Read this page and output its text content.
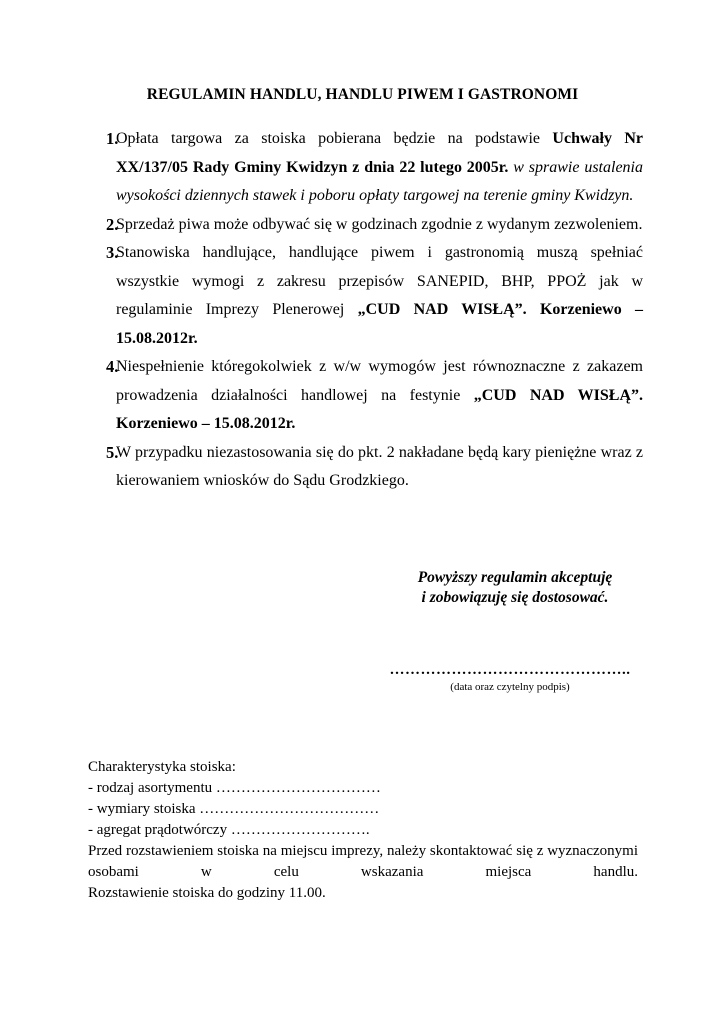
REGULAMIN HANDLU, HANDLU PIWEM I GASTRONOMI
1.
Opłata targowa za stoiska pobierana będzie na podstawie Uchwały Nr XX/137/05 Rady Gminy Kwidzyn z dnia 22 lutego 2005r. w sprawie ustalenia wysokości dziennych stawek i poboru opłaty targowej na terenie gminy Kwidzyn.
2.
Sprzedaż piwa może odbywać się w godzinach zgodnie z wydanym zezwoleniem.
3.
Stanowiska handlujące, handlujące piwem i gastronomią muszą spełniać wszystkie wymogi z zakresu przepisów SANEPID, BHP, PPOŻ jak w regulaminie Imprezy Plenerowej „CUD NAD WISŁĄ”. Korzeniewo – 15.08.2012r.
4.
Niespełnienie któregokolwiek z w/w wymogów jest równoznaczne z zakazem prowadzenia działalności handlowej na festynie „CUD NAD WISŁĄ”. Korzeniewo – 15.08.2012r.
5.
W przypadku niezastosowania się do pkt. 2 nakładane będą kary pieniężne wraz z kierowaniem wniosków do Sądu Grodzkiego.
Powyższy regulamin akceptuję
i zobowiązuję się dostosować.
………………………………………..
(data oraz czytelny podpis)
Charakterystyka stoiska:
- rodzaj asortymentu ……………………………
- wymiary stoiska ………………………………
- agregat prądotwórczy ……………………….
Przed rozstawieniem stoiska na miejscu imprezy, należy skontaktować się z wyznaczonymi osobami w celu wskazania miejsca handlu.
Rozstawienie stoiska do godziny 11.00.
